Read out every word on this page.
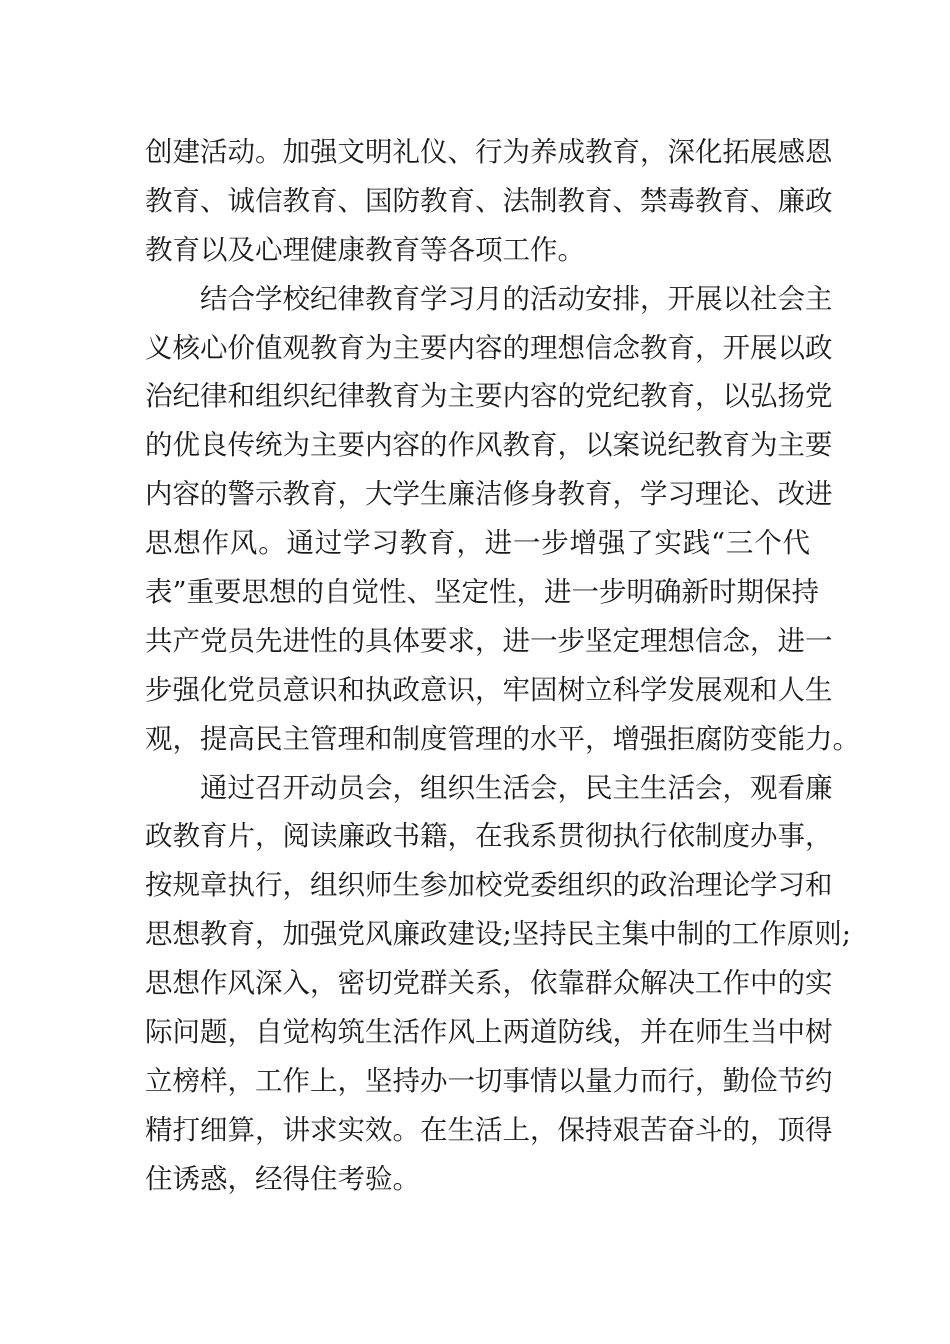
创建活动。加强文明礼仪、行为养成教育，深化拓展感恩
教育、诚信教育、国防教育、法制教育、禁毒教育、廉政
教育以及心理健康教育等各项工作。
结合学校纪律教育学习月的活动安排，开展以社会主
义核心价值观教育为主要内容的理想信念教育，开展以政
治纪律和组织纪律教育为主要内容的党纪教育，以弘扬党
的优良传统为主要内容的作风教育，以案说纪教育为主要
内容的警示教育，大学生廉洁修身教育，学习理论、改进
思想作风。通过学习教育，进一步增强了实践“三个代
表”重要思想的自觉性、坚定性，进一步明确新时期保持
共产党员先进性的具体要求，进一步坚定理想信念，进一
步强化党员意识和执政意识，牢固树立科学发展观和人生
观，提高民主管理和制度管理的水平，增强拒腐防变能力。
通过召开动员会，组织生活会，民主生活会，观看廉
政教育片，阅读廉政书籍，在我系贯彻执行依制度办事，
按规章执行，组织师生参加校党委组织的政治理论学习和
思想教育，加强党风廉政建设;坚持民主集中制的工作原则;
思想作风深入，密切党群关系，依靠群众解决工作中的实
际问题，自觉构筑生活作风上两道防线，并在师生当中树
立榜样，工作上，坚持办一切事情以量力而行，勤俭节约
精打细算，讲求实效。在生活上，保持艰苦奋斗的，顶得
住诱惑，经得住考验。
